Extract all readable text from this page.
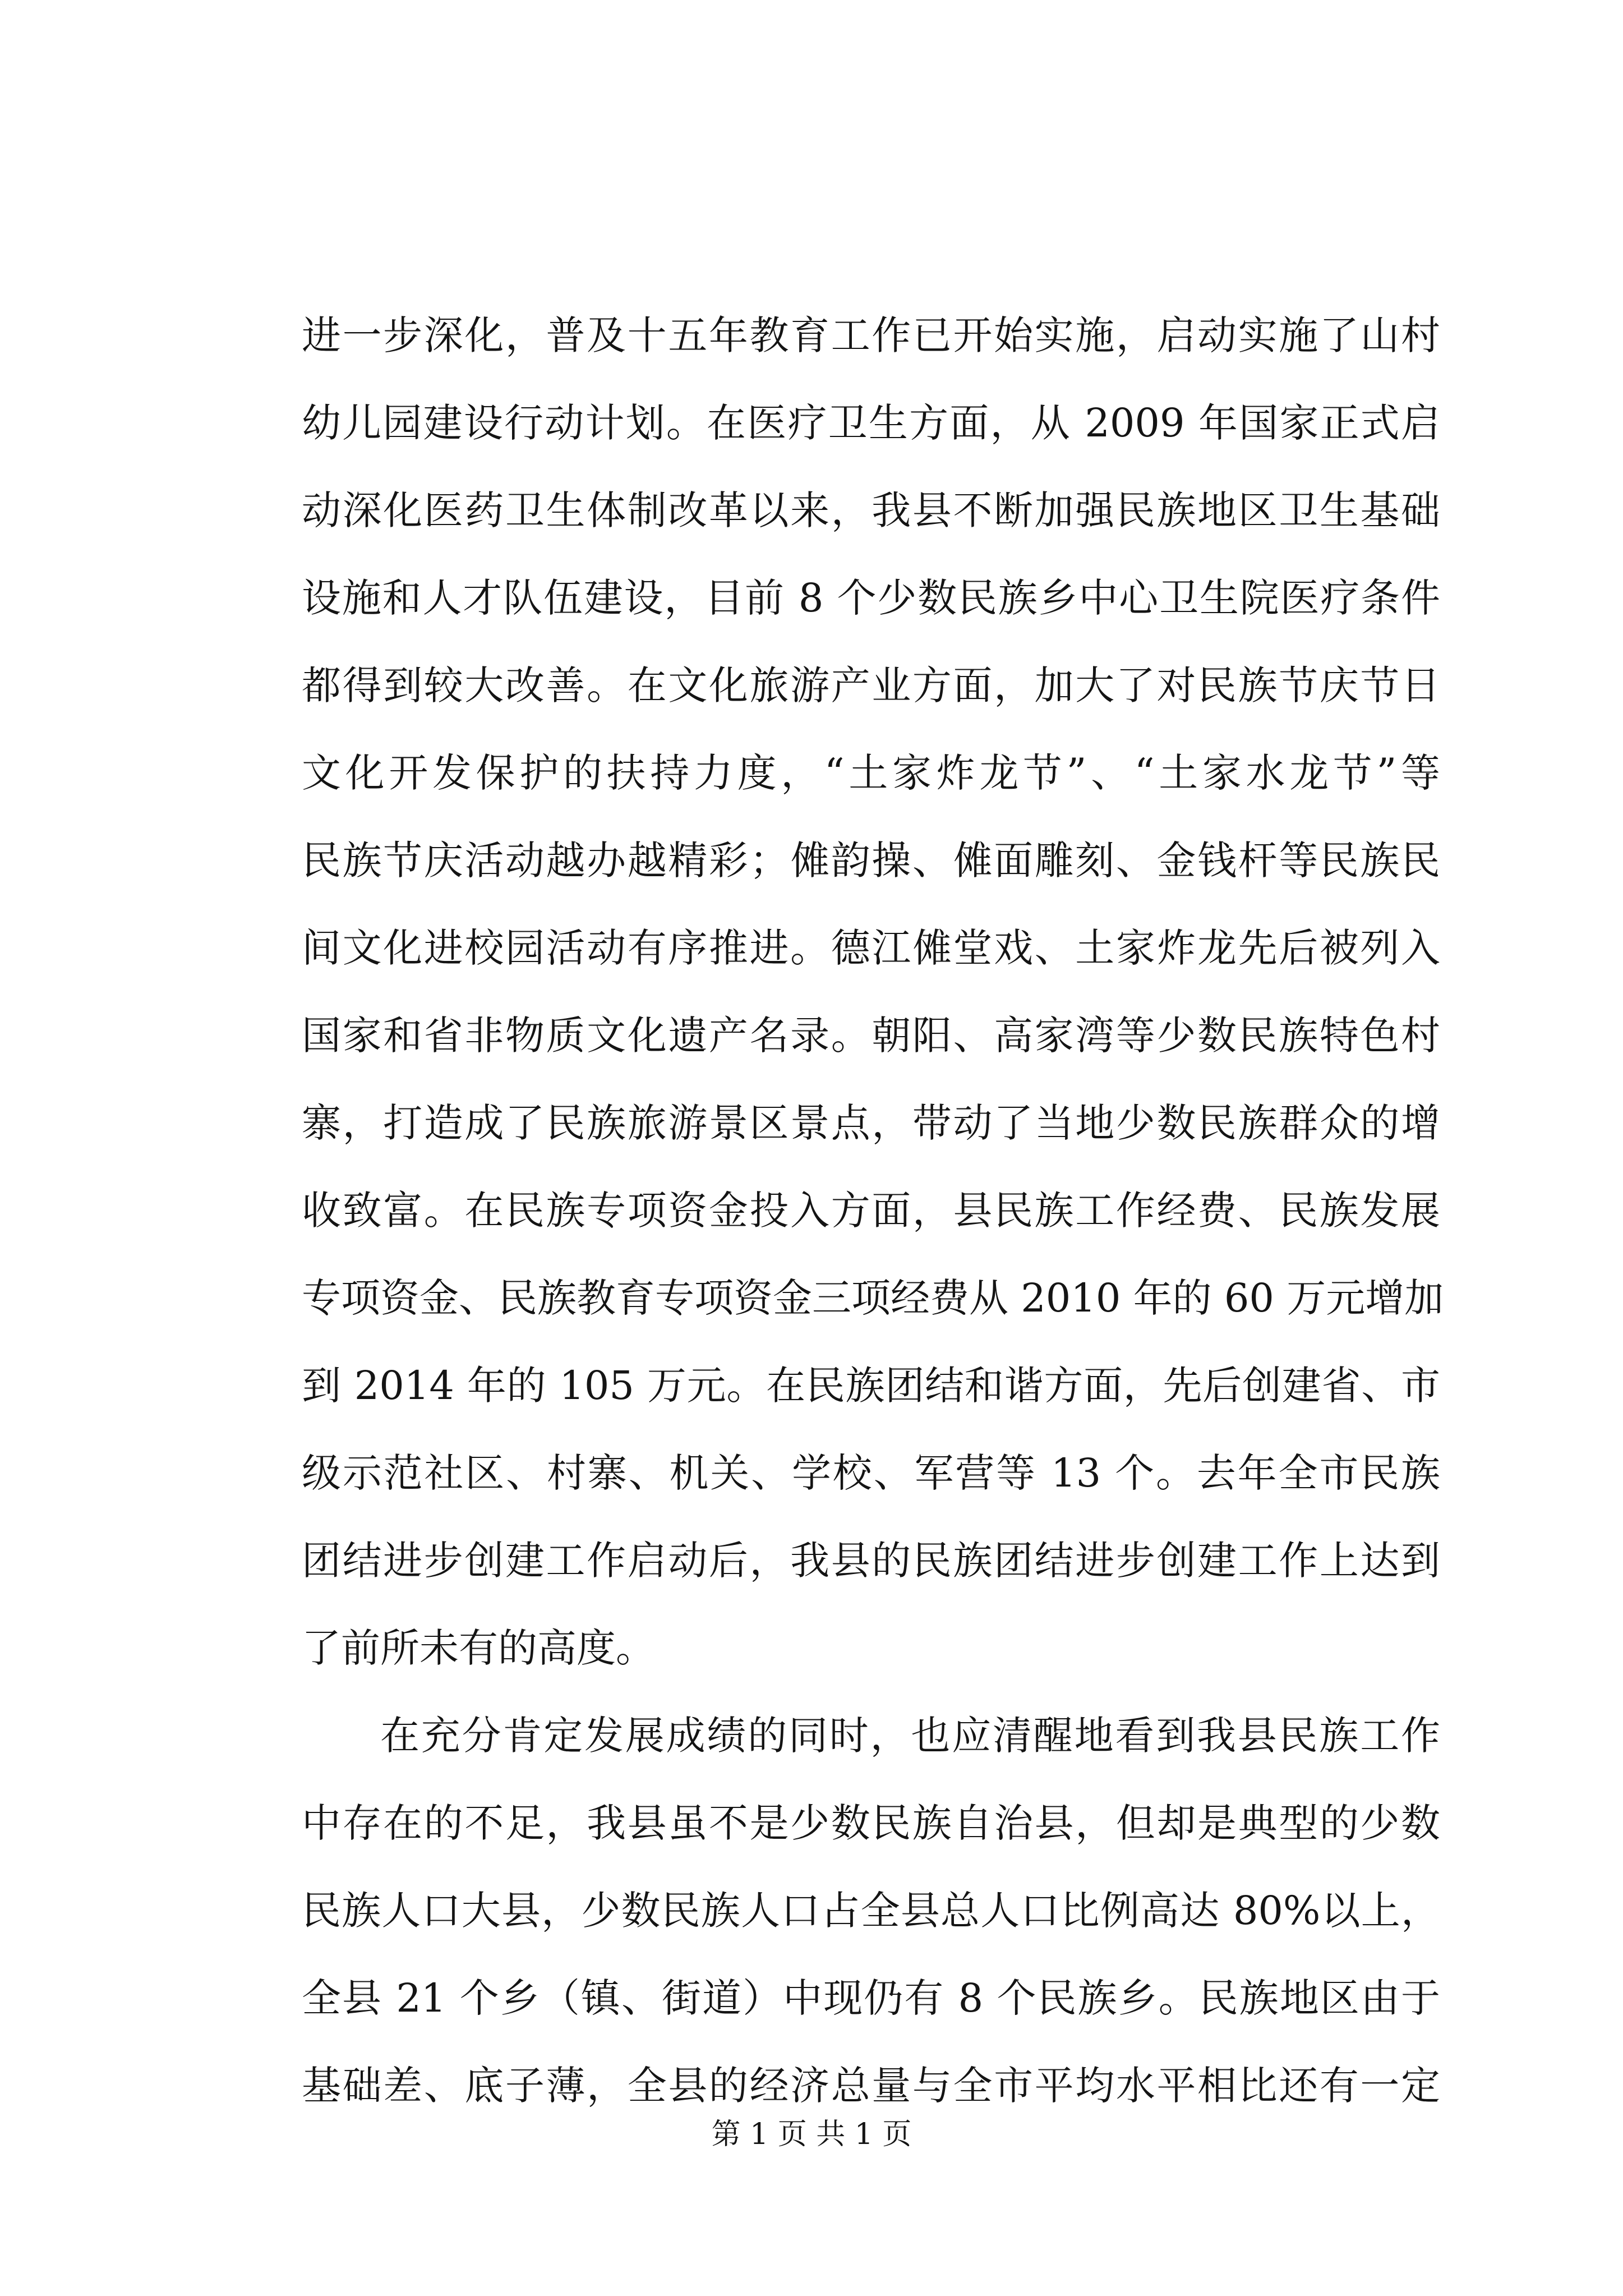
进一步深化，普及十五年教育工作已开始实施，启动实施了山村
幼儿园建设行动计划。在医疗卫生方面，从 2009 年国家正式启
动深化医药卫生体制改革以来，我县不断加强民族地区卫生基础
设施和人才队伍建设，目前 8 个少数民族乡中心卫生院医疗条件
都得到较大改善。在文化旅游产业方面，加大了对民族节庆节日
文化开发保护的扶持力度，“土家炸龙节”、“土家水龙节”等
民族节庆活动越办越精彩；傩韵操、傩面雕刻、金钱杆等民族民
间文化进校园活动有序推进。德江傩堂戏、土家炸龙先后被列入
国家和省非物质文化遗产名录。朝阳、高家湾等少数民族特色村
寨，打造成了民族旅游景区景点，带动了当地少数民族群众的增
收致富。在民族专项资金投入方面，县民族工作经费、民族发展
专项资金、民族教育专项资金三项经费从 2010 年的 60 万元增加
到 2014 年的 105 万元。在民族团结和谐方面，先后创建省、市
级示范社区、村寨、机关、学校、军营等 13 个。去年全市民族
团结进步创建工作启动后，我县的民族团结进步创建工作上达到
了前所未有的高度。
在充分肯定发展成绩的同时，也应清醒地看到我县民族工作
中存在的不足，我县虽不是少数民族自治县，但却是典型的少数
民族人口大县，少数民族人口占全县总人口比例高达 80%以上，
全县 21 个乡（镇、街道）中现仍有 8 个民族乡。民族地区由于
基础差、底子薄，全县的经济总量与全市平均水平相比还有一定
第 1 页 共 1 页
